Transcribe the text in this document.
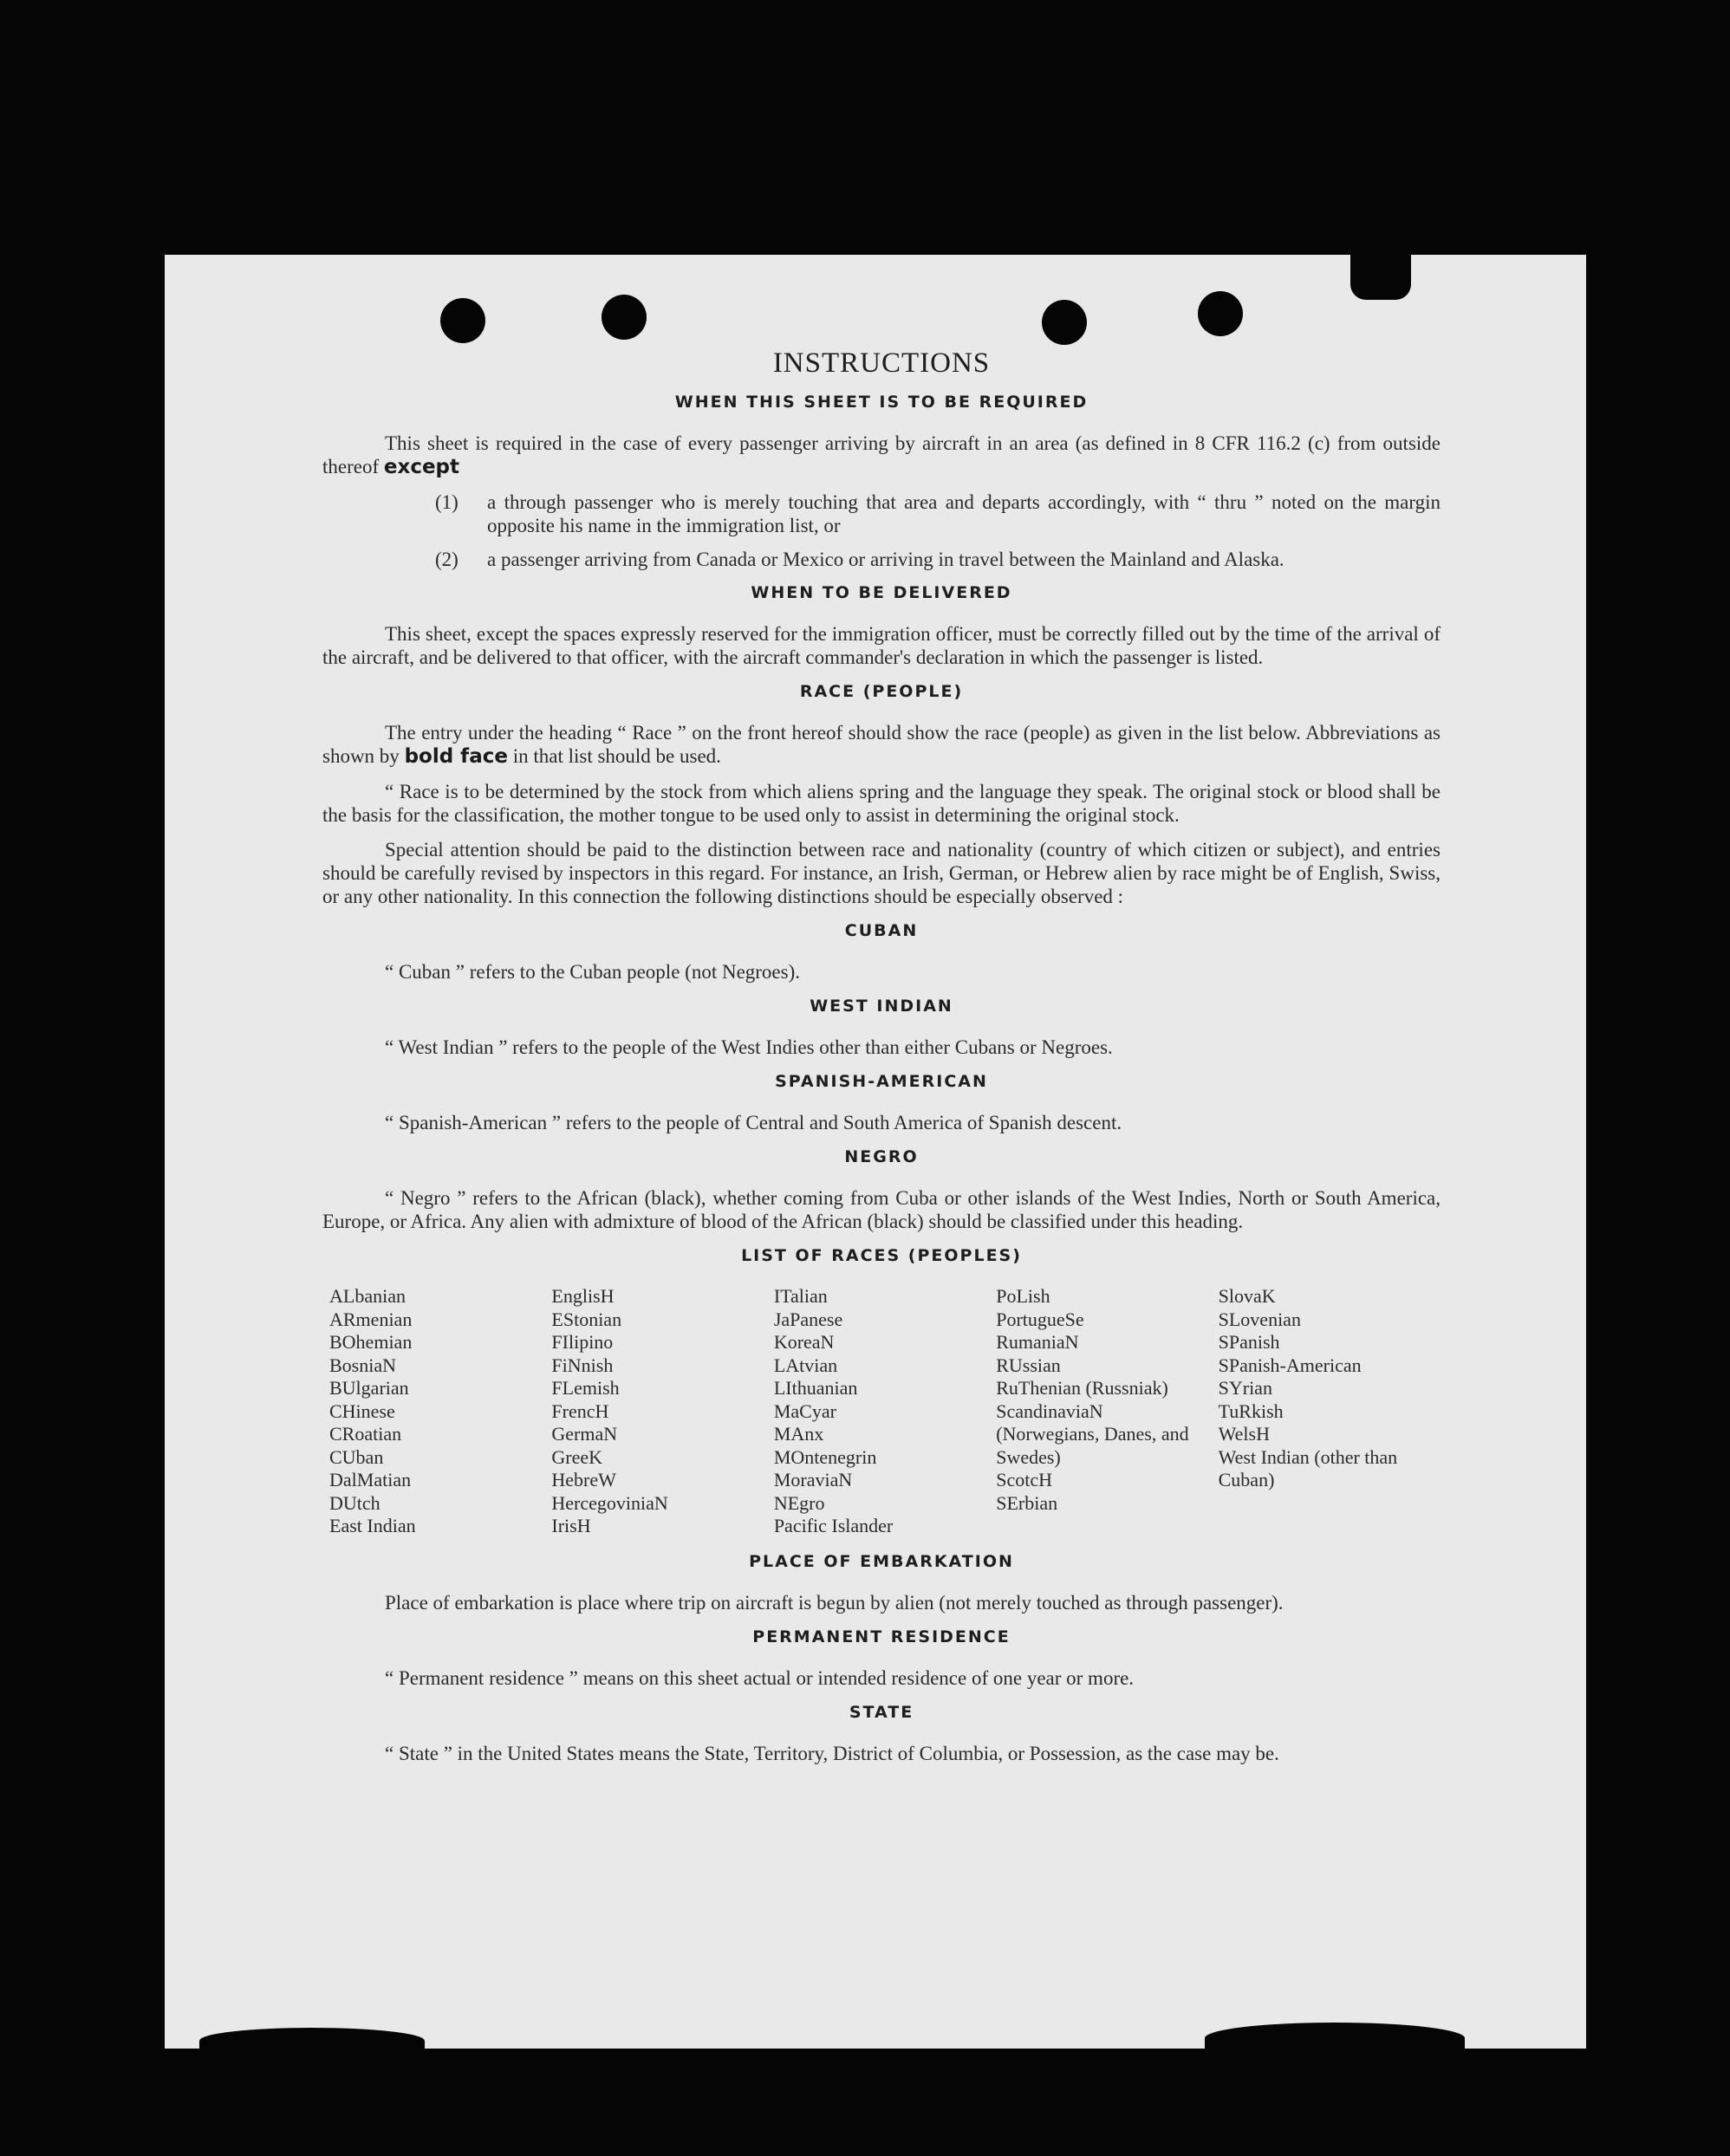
INSTRUCTIONS
WHEN THIS SHEET IS TO BE REQUIRED

This sheet is required in the case of every passenger arriving by aircraft in an area (as defined in 8 CFR 116.2 (c) from outside thereof except

(1)	a through passenger who is merely touching that area and departs accordingly, with “ thru ” noted on the margin opposite his name in the immigration list, or
(2)	a passenger arriving from Canada or Mexico or arriving in travel between the Mainland and Alaska.
WHEN TO BE DELIVERED

This sheet, except the spaces expressly reserved for the immigration officer, must be correctly filled out by the time of the arrival of the aircraft, and be delivered to that officer, with the aircraft commander's declaration in which the passenger is listed.

RACE (PEOPLE)

The entry under the heading “ Race ” on the front hereof should show the race (people) as given in the list below. Abbreviations as shown by bold face in that list should be used.

“ Race is to be determined by the stock from which aliens spring and the language they speak. The original stock or blood shall be the basis for the classification, the mother tongue to be used only to assist in determining the original stock.

Special attention should be paid to the distinction between race and nationality (country of which citizen or subject), and entries should be carefully revised by inspectors in this regard. For instance, an Irish, German, or Hebrew alien by race might be of English, Swiss, or any other nationality. In this connection the following distinctions should be especially observed :

CUBAN

“ Cuban ” refers to the Cuban people (not Negroes).

WEST INDIAN

“ West Indian ” refers to the people of the West Indies other than either Cubans or Negroes.

SPANISH-AMERICAN

“ Spanish-American ” refers to the people of Central and South America of Spanish descent.

NEGRO

“ Negro ” refers to the African (black), whether coming from Cuba or other islands of the West Indies, North or South America, Europe, or Africa. Any alien with admixture of blood of the African (black) should be classified under this heading.

LIST OF RACES (PEOPLES)
ALbanian
ARmenian
BOhemian
BosniaN
BUlgarian
CHinese
CRoatian
CUban
DalMatian
DUtch
East Indian
EnglisH
EStonian
FIlipino
FiNnish
FLemish
FrencH
GermaN
GreeK
HebreW
HercegoviniaN
IrisH
ITalian
JaPanese
KoreaN
LAtvian
LIthuanian
MaCyar
MAnx
MOntenegrin
MoraviaN
NEgro
Pacific Islander
PoLish
PortugueSe
RumaniaN
RUssian
RuThenian (Russniak)
ScandinaviaN (Norwegians, Danes, and Swedes)
ScotcH
SErbian
SlovaK
SLovenian
SPanish
SPanish-American
SYrian
TuRkish
WelsH
West Indian (other than Cuban)
PLACE OF EMBARKATION

Place of embarkation is place where trip on aircraft is begun by alien (not merely touched as through passenger).

PERMANENT RESIDENCE

“ Permanent residence ” means on this sheet actual or intended residence of one year or more.

STATE

“ State ” in the United States means the State, Territory, District of Columbia, or Possession, as the case may be.
